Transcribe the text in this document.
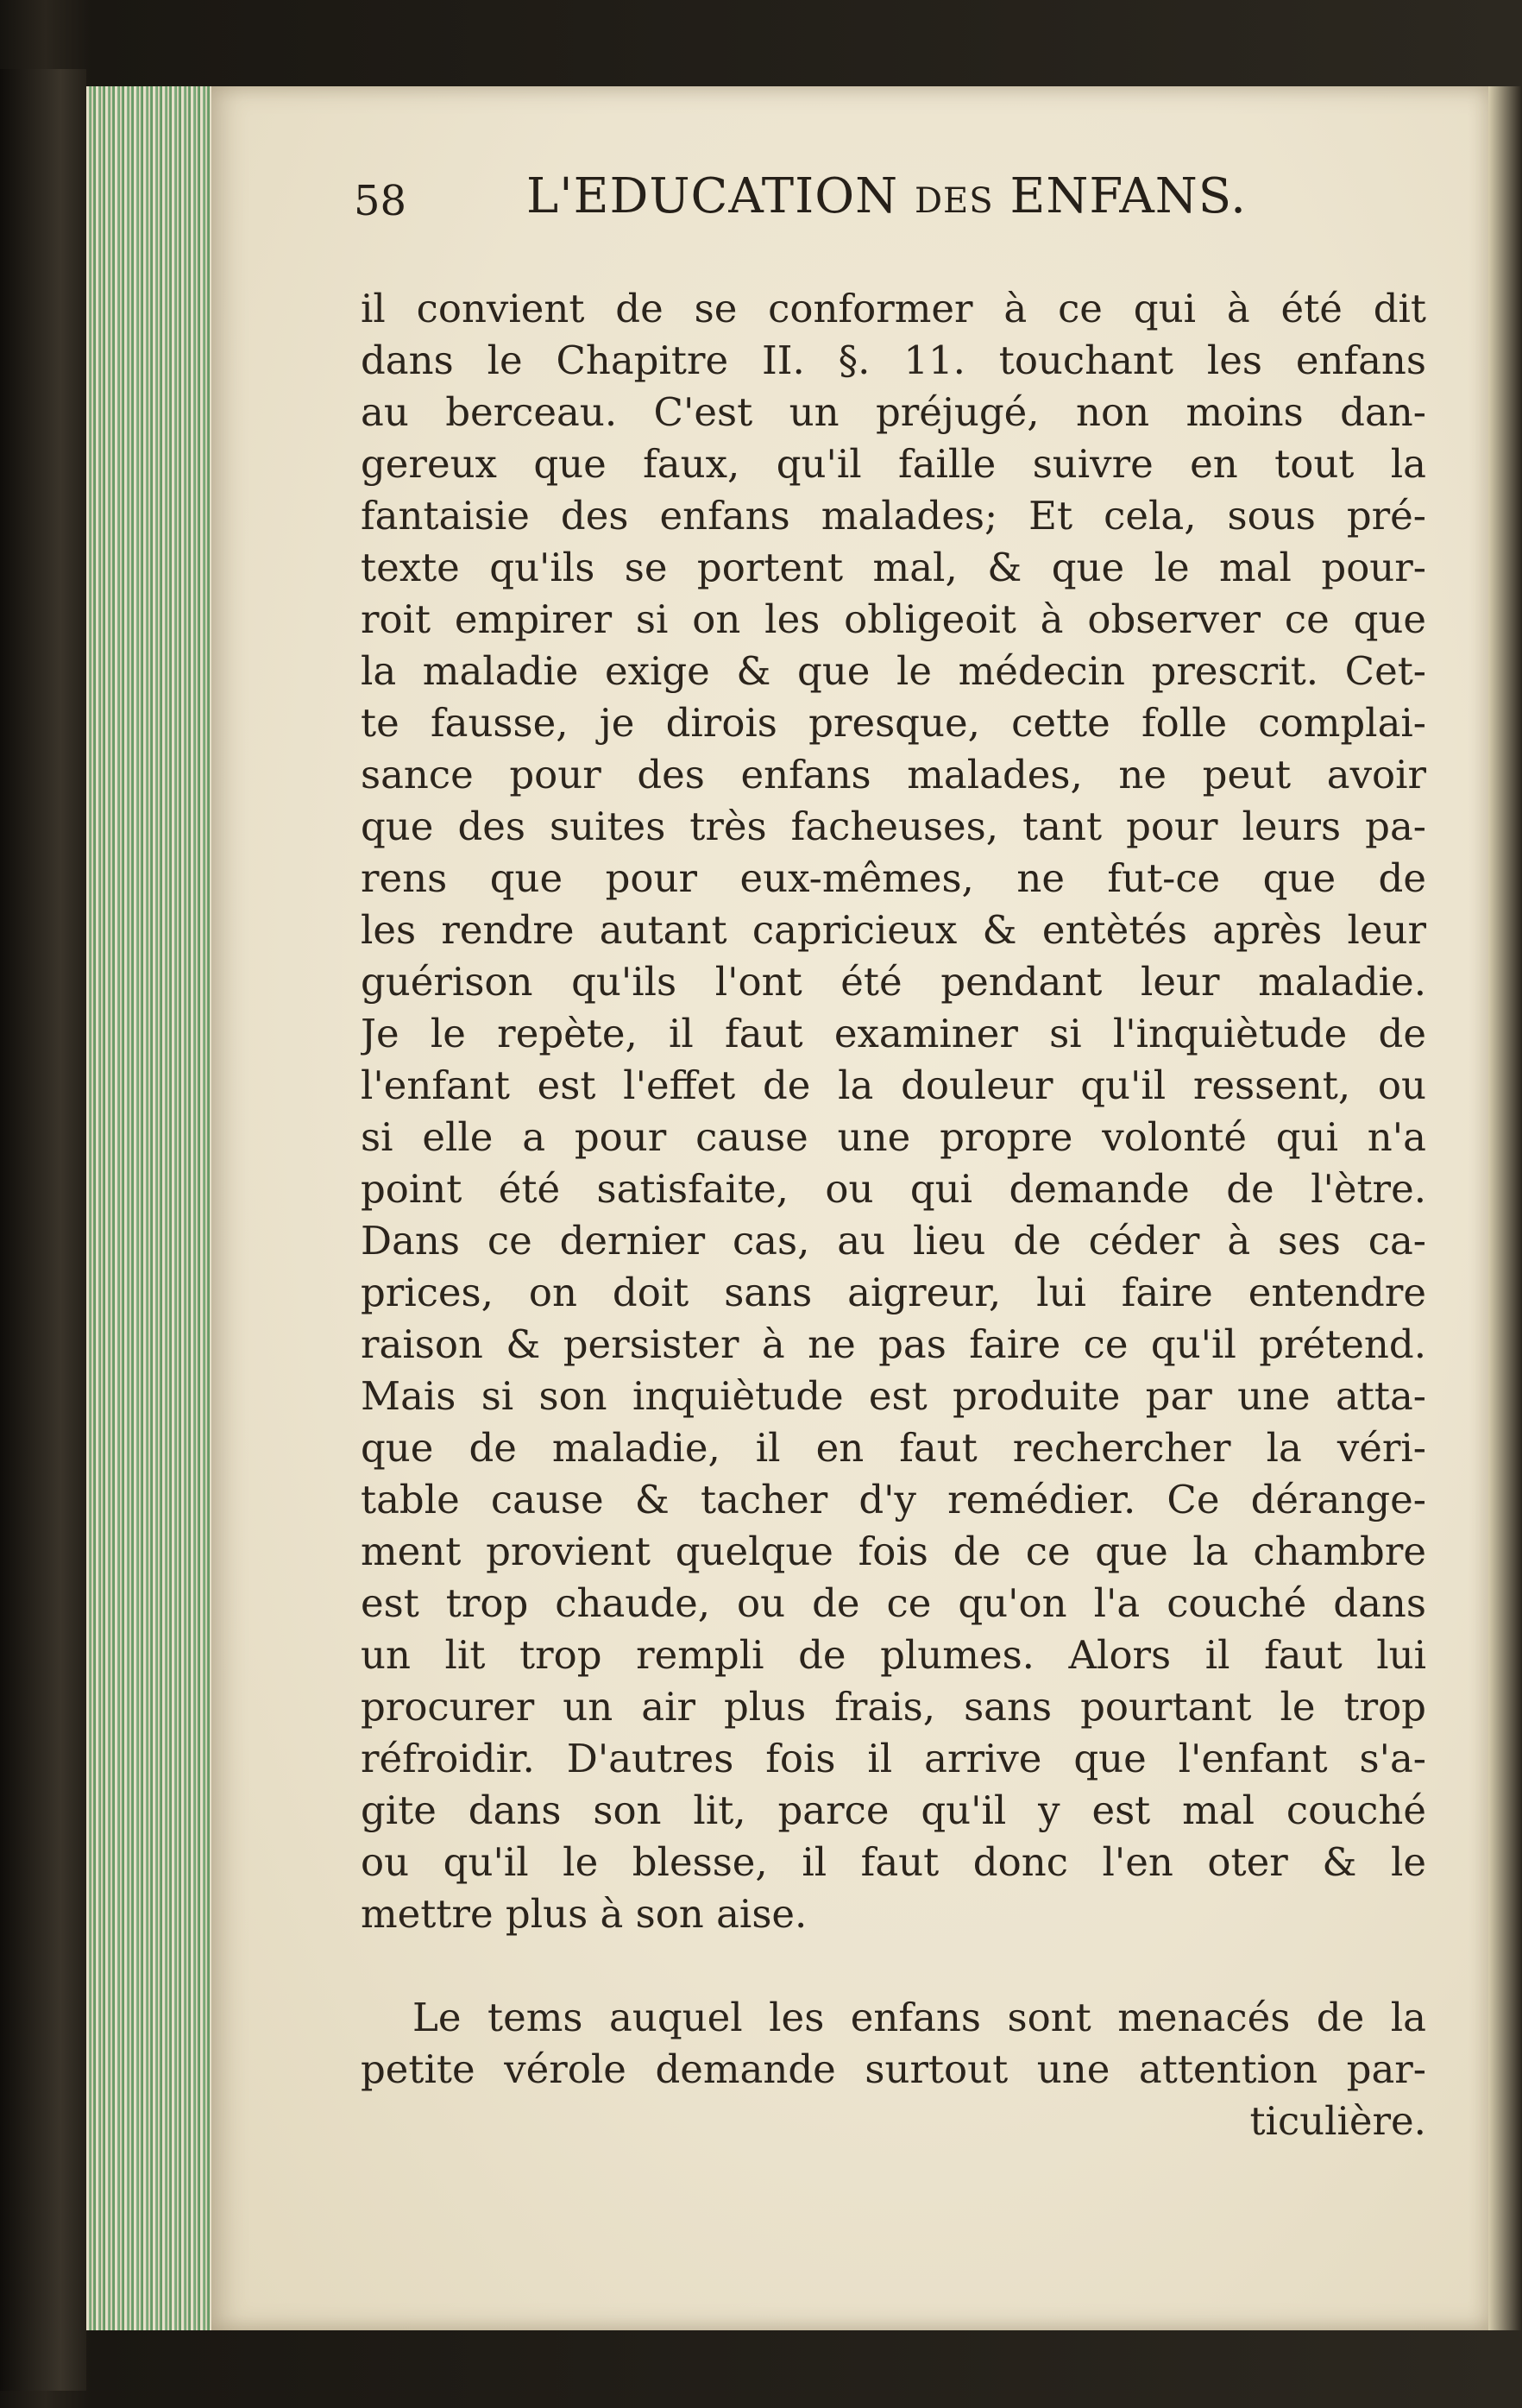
58 L'EDUCATION DES ENFANS.
il convient de se conformer à ce qui à été dit
dans le Chapitre II. §. 11. touchant les enfans
au berceau. C'est un préjugé, non moins dan-
gereux que faux, qu'il faille suivre en tout la
fantaisie des enfans malades; Et cela, sous pré-
texte qu'ils se portent mal, & que le mal pour-
roit empirer si on les obligeoit à observer ce que
la maladie exige & que le médecin prescrit. Cet-
te fausse, je dirois presque, cette folle complai-
sance pour des enfans malades, ne peut avoir
que des suites très facheuses, tant pour leurs pa-
rens que pour eux-mêmes, ne fut-ce que de
les rendre autant capricieux & entètés après leur
guérison qu'ils l'ont été pendant leur maladie.
Je le repète, il faut examiner si l'inquiètude de
l'enfant est l'effet de la douleur qu'il ressent, ou
si elle a pour cause une propre volonté qui n'a
point été satisfaite, ou qui demande de l'ètre.
Dans ce dernier cas, au lieu de céder à ses ca-
prices, on doit sans aigreur, lui faire entendre
raison & persister à ne pas faire ce qu'il prétend.
Mais si son inquiètude est produite par une atta-
que de maladie, il en faut rechercher la véri-
table cause & tacher d'y remédier. Ce dérange-
ment provient quelque fois de ce que la chambre
est trop chaude, ou de ce qu'on l'a couché dans
un lit trop rempli de plumes. Alors il faut lui
procurer un air plus frais, sans pourtant le trop
réfroidir. D'autres fois il arrive que l'enfant s'a-
gite dans son lit, parce qu'il y est mal couché
ou qu'il le blesse, il faut donc l'en oter & le
mettre plus à son aise.
Le tems auquel les enfans sont menacés de la
petite vérole demande surtout une attention par-
ticulière.
